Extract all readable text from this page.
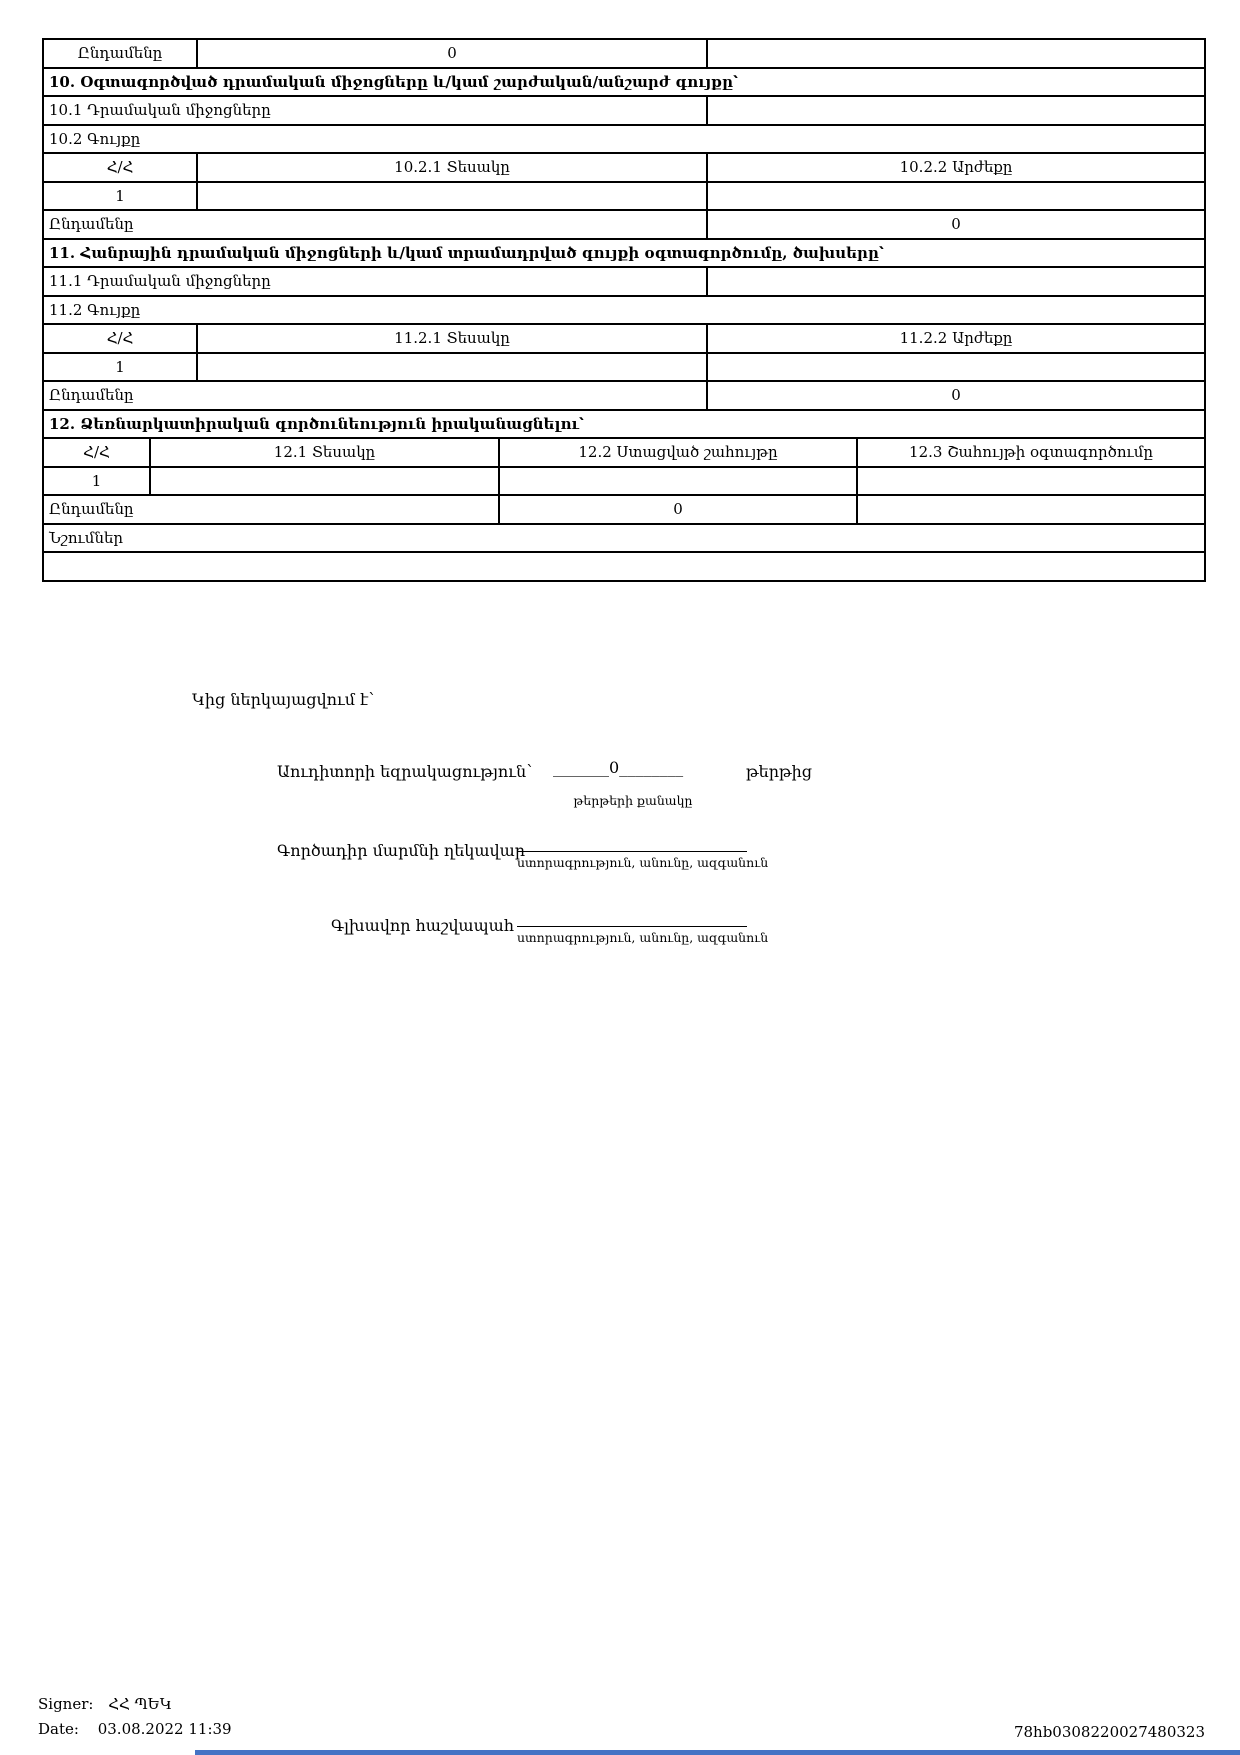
Ընդամենը		0			
10. Օգտագործված դրամական միջոցները և/կամ շարժական/անշարժ գույքը՝					
10.1 Դրամական միջոցները					
10.2 Գույքը					
Հ/Հ		10.2.1 Տեսակը		10.2.2 Արժեքը	
1					
Ընդամենը				0	
11. Հանրային դրամական միջոցների և/կամ տրամադրված գույքի օգտագործումը, ծախսերը՝					
11.1 Դրամական միջոցները					
11.2 Գույքը					
Հ/Հ		11.2.1 Տեսակը		11.2.2 Արժեքը	
1					
Ընդամենը				0	
12. Ձեռնարկատիրական գործունեություն իրականացնելու՝					
Հ/Հ	12.1 Տեսակը		12.2 Ստացված շահույթը		12.3 Շահույթի օգտագործումը
1					
Ընդամենը			0		
Նշումներ					

Կից ներկայացվում է՝
Աուդիտորի եզրակացություն՝ _______0________	թերթից
թերթերի քանակը
Գործադիր մարմնի ղեկավար
ստորագրություն, անունը, ազգանուն
Գլխավոր հաշվապահ
ստորագրություն, անունը, ազգանուն
Signer: ՀՀ ՊԵԿ
Date: 03.08.2022 11:39	78hb0308220027480323
